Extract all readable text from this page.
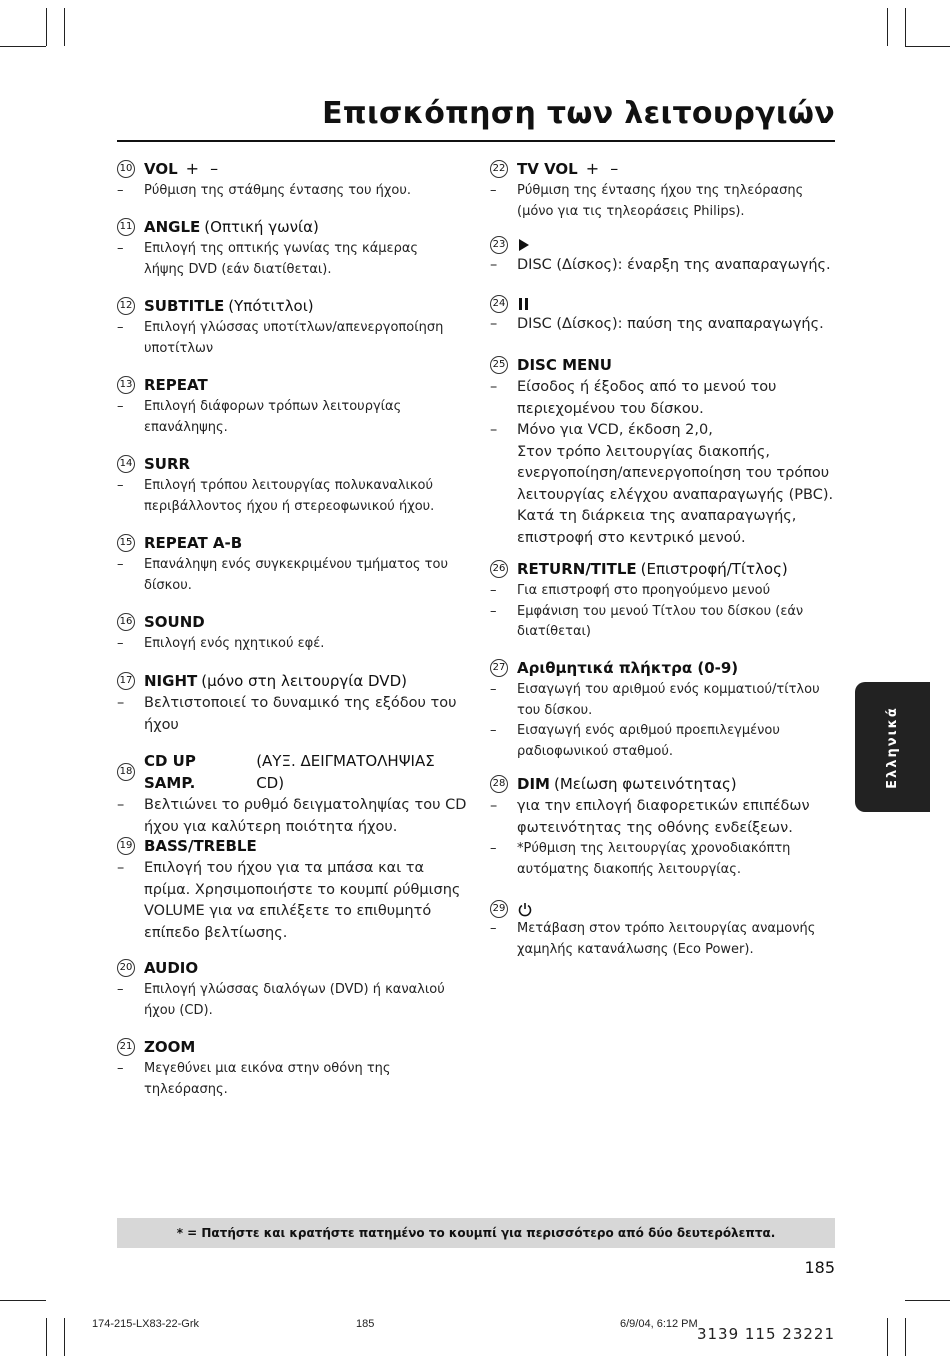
Επισκόπηση των λειτουργιών
10 VOL + –
– Ρύθμιση της στάθμης έντασης του ήχου.
11 ANGLE (Οπτική γωνία)
– Επιλογή της οπτικής γωνίας της κάμερας
λήψης DVD (εάν διατίθεται).
12 SUBTITLE (Υπότιτλοι)
– Επιλογή γλώσσας υποτίτλων/απενεργοποίηση
υποτίτλων
13 REPEAT
– Επιλογή διάφορων τρόπων λειτουργίας
επανάληψης.
14 SURR
– Επιλογή τρόπου λειτουργίας πολυκαναλικού
περιβάλλοντος ήχου ή στερεοφωνικού ήχου.
15 REPEAT A-B
– Επανάληψη ενός συγκεκριμένου τμήματος του
δίσκου.
16 SOUND
– Επιλογή ενός ηχητικού εφέ.
17 NIGHT (μόνο στη λειτουργία DVD)
– Βελτιστοποιεί το δυναμικό της εξόδου του
ήχου
18
CD UP SAMP.
(ΑΥΞ. ΔΕΙΓΜΑΤΟΛΗΨΙΑΣ CD)
– Βελτιώνει το ρυθμό δειγματοληψίας του CD
ήχου για καλύτερη ποιότητα ήχου.
19 BASS/TREBLE
– Επιλογή του ήχου για τα μπάσα και τα
πρίμα. Χρησιμοποιήστε το κουμπί ρύθμισης
VOLUME για να επιλέξετε το επιθυμητό
επίπεδο βελτίωσης.
20 AUDIO
– Επιλογή γλώσσας διαλόγων (DVD) ή καναλιού
ήχου (CD).
21 ZOOM
– Μεγεθύνει μια εικόνα στην οθόνη της τηλεόρασης.
22 TV VOL + –
– Ρύθμιση της έντασης ήχου της τηλεόρασης
(μόνο για τις τηλεοράσεις Philips).
23
– DISC (Δίσκος): έναρξη της αναπαραγωγής.
24
– DISC (Δίσκος): παύση της αναπαραγωγής.
25 DISC MENU
– Είσοδος ή έξοδος από το μενού του
περιεχομένου του δίσκου.
– Μόνο για VCD, έκδοση 2,0,
Στον τρόπο λειτουργίας διακοπής,
ενεργοποίηση/απενεργοποίηση του τρόπου
λειτουργίας ελέγχου αναπαραγωγής (PBC).
Κατά τη διάρκεια της αναπαραγωγής,
επιστροφή στο κεντρικό μενού.
26 RETURN/TITLE (Επιστροφή/Τίτλος)
– Για επιστροφή στο προηγούμενο μενού
– Εμφάνιση του μενού Τίτλου του δίσκου (εάν
διατίθεται)
27 Αριθμητικά πλήκτρα (0-9)
– Εισαγωγή του αριθμού ενός κομματιού/τίτλου
του δίσκου.
– Εισαγωγή ενός αριθμού προεπιλεγμένου
ραδιοφωνικού σταθμού.
28 DIM (Μείωση φωτεινότητας)
– για την επιλογή διαφορετικών επιπέδων
φωτεινότητας της οθόνης ενδείξεων.
– *Ρύθμιση της λειτουργίας χρονοδιακόπτη
αυτόματης διακοπής λειτουργίας.
29
– Μετάβαση στον τρόπο λειτουργίας αναμονής
χαμηλής κατανάλωσης (Eco Power).
Ελληνικά
* = Πατήστε και κρατήστε πατημένο το κουμπί για περισσότερο από δύο δευτερόλεπτα.
185
174-215-LX83-22-Grk	185	6/9/04, 6:12 PM
3139 115 23221
